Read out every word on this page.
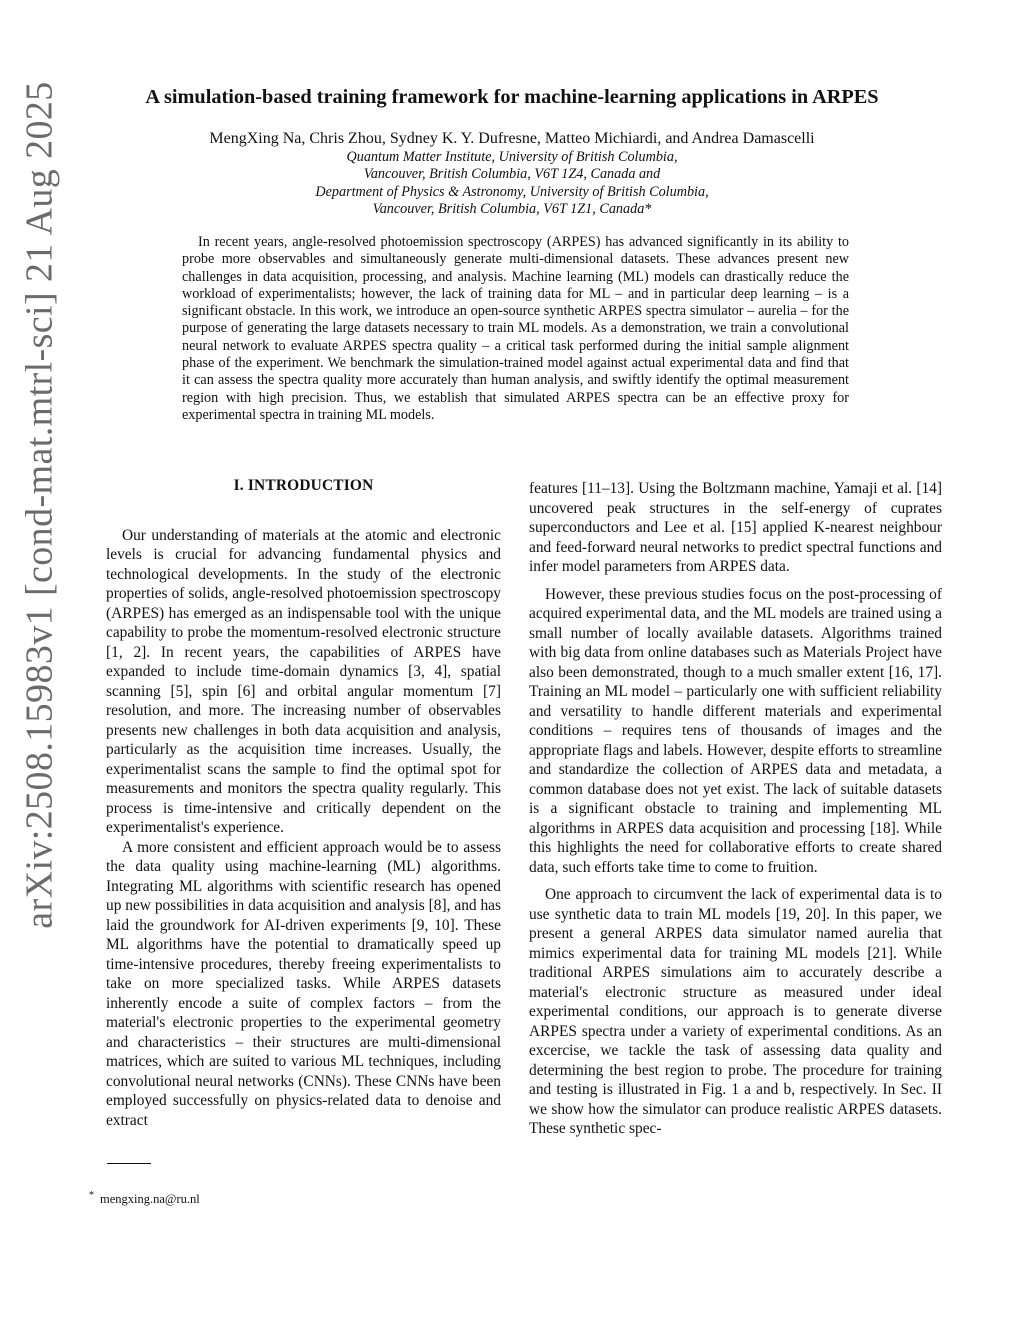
arXiv:2508.15983v1 [cond-mat.mtrl-sci] 21 Aug 2025	A simulation-based training framework for machine-learning applications in ARPES
MengXing Na, Chris Zhou, Sydney K. Y. Dufresne, Matteo Michiardi, and Andrea Damascelli
Quantum Matter Institute, University of British Columbia,
Vancouver, British Columbia, V6T 1Z4, Canada and
Department of Physics & Astronomy, University of British Columbia,
Vancouver, British Columbia, V6T 1Z1, Canada*

In recent years, angle-resolved photoemission spectroscopy (ARPES) has advanced significantly in its ability to probe more observables and simultaneously generate multi-dimensional datasets. These advances present new challenges in data acquisition, processing, and analysis. Machine learning (ML) models can drastically reduce the workload of experimentalists; however, the lack of training data for ML – and in particular deep learning – is a significant obstacle. In this work, we introduce an open-source synthetic ARPES spectra simulator – aurelia – for the purpose of generating the large datasets necessary to train ML models. As a demonstration, we train a convolutional neural network to evaluate ARPES spectra quality – a critical task performed during the initial sample alignment phase of the experiment. We benchmark the simulation-trained model against actual experimental data and find that it can assess the spectra quality more accurately than human analysis, and swiftly identify the optimal measurement region with high precision. Thus, we establish that simulated ARPES spectra can be an effective proxy for experimental spectra in training ML models.

I. INTRODUCTION

Our understanding of materials at the atomic and electronic levels is crucial for advancing fundamental physics and technological developments. In the study of the electronic properties of solids, angle-resolved photoemission spectroscopy (ARPES) has emerged as an indispensable tool with the unique capability to probe the momentum-resolved electronic structure [1, 2]. In recent years, the capabilities of ARPES have expanded to include time-domain dynamics [3, 4], spatial scanning [5], spin [6] and orbital angular momentum [7] resolution, and more. The increasing number of observables presents new challenges in both data acquisition and analysis, particularly as the acquisition time increases. Usually, the experimentalist scans the sample to find the optimal spot for measurements and monitors the spectra quality regularly. This process is time-intensive and critically dependent on the experimentalist's experience.

A more consistent and efficient approach would be to assess the data quality using machine-learning (ML) algorithms. Integrating ML algorithms with scientific research has opened up new possibilities in data acquisition and analysis [8], and has laid the groundwork for AI-driven experiments [9, 10]. These ML algorithms have the potential to dramatically speed up time-intensive procedures, thereby freeing experimentalists to take on more specialized tasks. While ARPES datasets inherently encode a suite of complex factors – from the material's electronic properties to the experimental geometry and characteristics – their structures are multi-dimensional matrices, which are suited to various ML techniques, including convolutional neural networks (CNNs). These CNNs have been employed successfully on physics-related data to denoise and extract

features [11–13]. Using the Boltzmann machine, Yamaji et al. [14] uncovered peak structures in the self-energy of cuprates superconductors and Lee et al. [15] applied K-nearest neighbour and feed-forward neural networks to predict spectral functions and infer model parameters from ARPES data.

However, these previous studies focus on the post-processing of acquired experimental data, and the ML models are trained using a small number of locally available datasets. Algorithms trained with big data from online databases such as Materials Project have also been demonstrated, though to a much smaller extent [16, 17]. Training an ML model – particularly one with sufficient reliability and versatility to handle different materials and experimental conditions – requires tens of thousands of images and the appropriate flags and labels. However, despite efforts to streamline and standardize the collection of ARPES data and metadata, a common database does not yet exist. The lack of suitable datasets is a significant obstacle to training and implementing ML algorithms in ARPES data acquisition and processing [18]. While this highlights the need for collaborative efforts to create shared data, such efforts take time to come to fruition.

One approach to circumvent the lack of experimental data is to use synthetic data to train ML models [19, 20]. In this paper, we present a general ARPES data simulator named aurelia that mimics experimental data for training ML models [21]. While traditional ARPES simulations aim to accurately describe a material's electronic structure as measured under ideal experimental conditions, our approach is to generate diverse ARPES spectra under a variety of experimental conditions. As an excercise, we tackle the task of assessing data quality and determining the best region to probe. The procedure for training and testing is illustrated in Fig. 1 a and b, respectively. In Sec. II we show how the simulator can produce realistic ARPES datasets. These synthetic spec-

* mengxing.na@ru.nl
